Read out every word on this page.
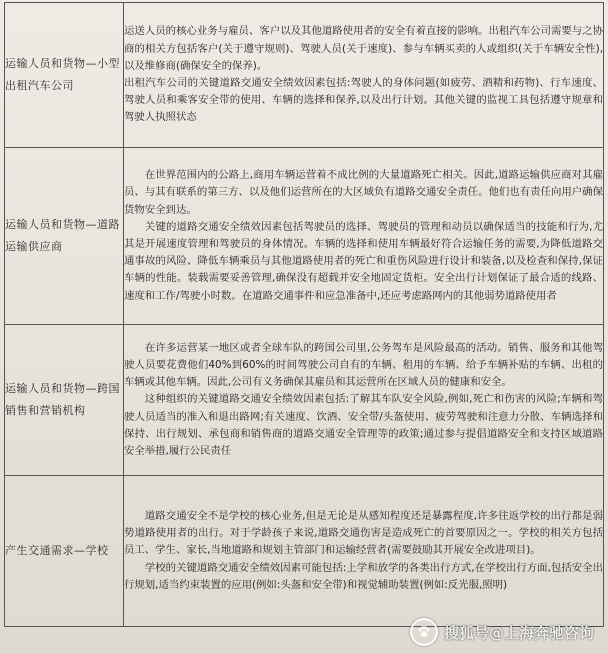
运输人员和货物—小型出租汽车公司	运送人员的核心业务与雇员、客户以及其他道路使用者的安全有着直接的影响。出租汽车公司需要与之协商的相关方包括客户(关于遵守规则)、驾驶人员(关于速度)、参与车辆买卖的人或组织(关于车辆安全性),以及维修商(确保安全的保养)。

出租汽车公司的关键道路交通安全绩效因素包括:驾驶人的身体问题(如疲劳、酒精和药物)、行车速度、驾驶人员和乘客安全带的使用、车辆的选择和保养,以及出行计划。其他关键的监视工具包括遵守规章和驾驶人执照状态

运输人员和货物—道路运输供应商	在世界范围内的公路上,商用车辆运营着不成比例的大量道路死亡相关。因此,道路运输供应商对其雇员、与其有联系的第三方、以及他们运营所在的大区域负有道路交通安全责任。他们也有责任向用户确保货物安全到达。

关键的道路交通安全绩效因素包括驾驶员的选择、驾驶员的管理和动员以确保适当的技能和行为,尤其是开展速度管理和驾驶员的身体情况。车辆的选择和使用车辆最好符合运输任务的需要,为降低道路交通事故的风险、降低车辆乘员与其他道路使用者的死亡和重伤风险进行设计和装备,以及检查和保持,保证车辆的性能。装载需要妥善管理,确保没有超载并安全地固定货柜。安全出行计划保证了最合适的线路、速度和工作/驾驶小时数。在道路交通事件和应急准备中,还应考虑路网内的其他弱势道路使用者

运输人员和货物—跨国销售和营销机构	在许多运营某一地区或者全球车队的跨国公司里,公务驾车是风险最高的活动。销售、服务和其他驾驶人员要花费他们40%到60%的时间驾驶公司自有的车辆、租用的车辆、给予车辆补贴的车辆、出租的车辆或其他车辆。因此,公司有义务确保其雇员和其运营所在区域人员的健康和安全。

这种组织的关键道路交通安全绩效因素包括:了解其车队安全风险,例如,死亡和伤害的风险;车辆和驾驶人员适当的准入和退出路网;有关速度、饮酒、安全带/头盔使用、疲劳驾驶和注意力分散、车辆选择和保持、出行规划、承包商和销售商的道路交通安全管理等的政策;通过参与提倡道路安全和支持区域道路安全举措,履行公民责任

产生交通需求—学校	道路交通安全不是学校的核心业务,但是无论是从感知程度还是暴露程度,许多往返学校的出行都是弱势道路使用者的出行。对于学龄孩子来说,道路交通伤害是造成死亡的首要原因之一。学校的相关方包括员工、学生、家长,当地道路和规划主管部门和运输经营者(需要鼓励其开展安全改进项目)。

学校的关键道路交通安全绩效因素可能包括:上学和放学的各类出行方式,在学校出行方面,包括安全出行规划,适当约束装置的应用(例如:头盔和安全带)和视觉辅助装置(例如:反光服,照明)

搜狐号@上海奔驰咨询
